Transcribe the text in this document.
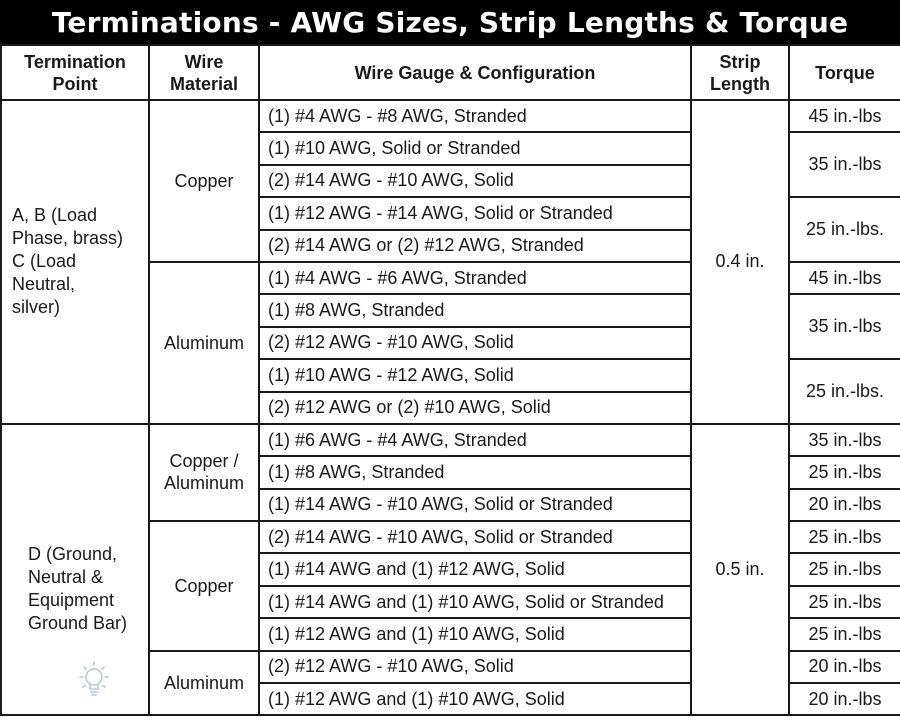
Terminations - AWG Sizes, Strip Lengths & Torque
Termination
Point	Wire
Material	Wire Gauge & Configuration	Strip
Length	Torque
A, B (Load
Phase, brass)
C (Load Neutral,
silver)	Copper	(1) #4 AWG - #8 AWG, Stranded	0.4 in.	45 in.-lbs
		(1) #10 AWG, Solid or Stranded		35 in.-lbs
		(2) #14 AWG - #10 AWG, Solid		
		(1) #12 AWG - #14 AWG, Solid or Stranded		25 in.-lbs.
		(2) #14 AWG or (2) #12 AWG, Stranded		
	Aluminum	(1) #4 AWG - #6 AWG, Stranded		45 in.-lbs
		(1) #8 AWG, Stranded		35 in.-lbs
		(2) #12 AWG - #10 AWG, Solid		
		(1) #10 AWG - #12 AWG, Solid		25 in.-lbs.
		(2) #12 AWG or (2) #10 AWG, Solid		

D (Ground,
Neutral &
Equipment
Ground Bar)	Copper /
Aluminum	(1) #6 AWG - #4 AWG, Stranded	0.5 in.	35 in.-lbs
		(1) #8 AWG, Stranded		25 in.-lbs
		(1) #14 AWG - #10 AWG, Solid or Stranded		20 in.-lbs
	Copper	(2) #14 AWG - #10 AWG, Solid or Stranded		25 in.-lbs
		(1) #14 AWG and (1) #12 AWG, Solid		25 in.-lbs
		(1) #14 AWG and (1) #10 AWG, Solid or Stranded		25 in.-lbs
		(1) #12 AWG and (1) #10 AWG, Solid		25 in.-lbs
	Aluminum	(2) #12 AWG - #10 AWG, Solid		20 in.-lbs
		(1) #12 AWG and (1) #10 AWG, Solid		20 in.-lbs
